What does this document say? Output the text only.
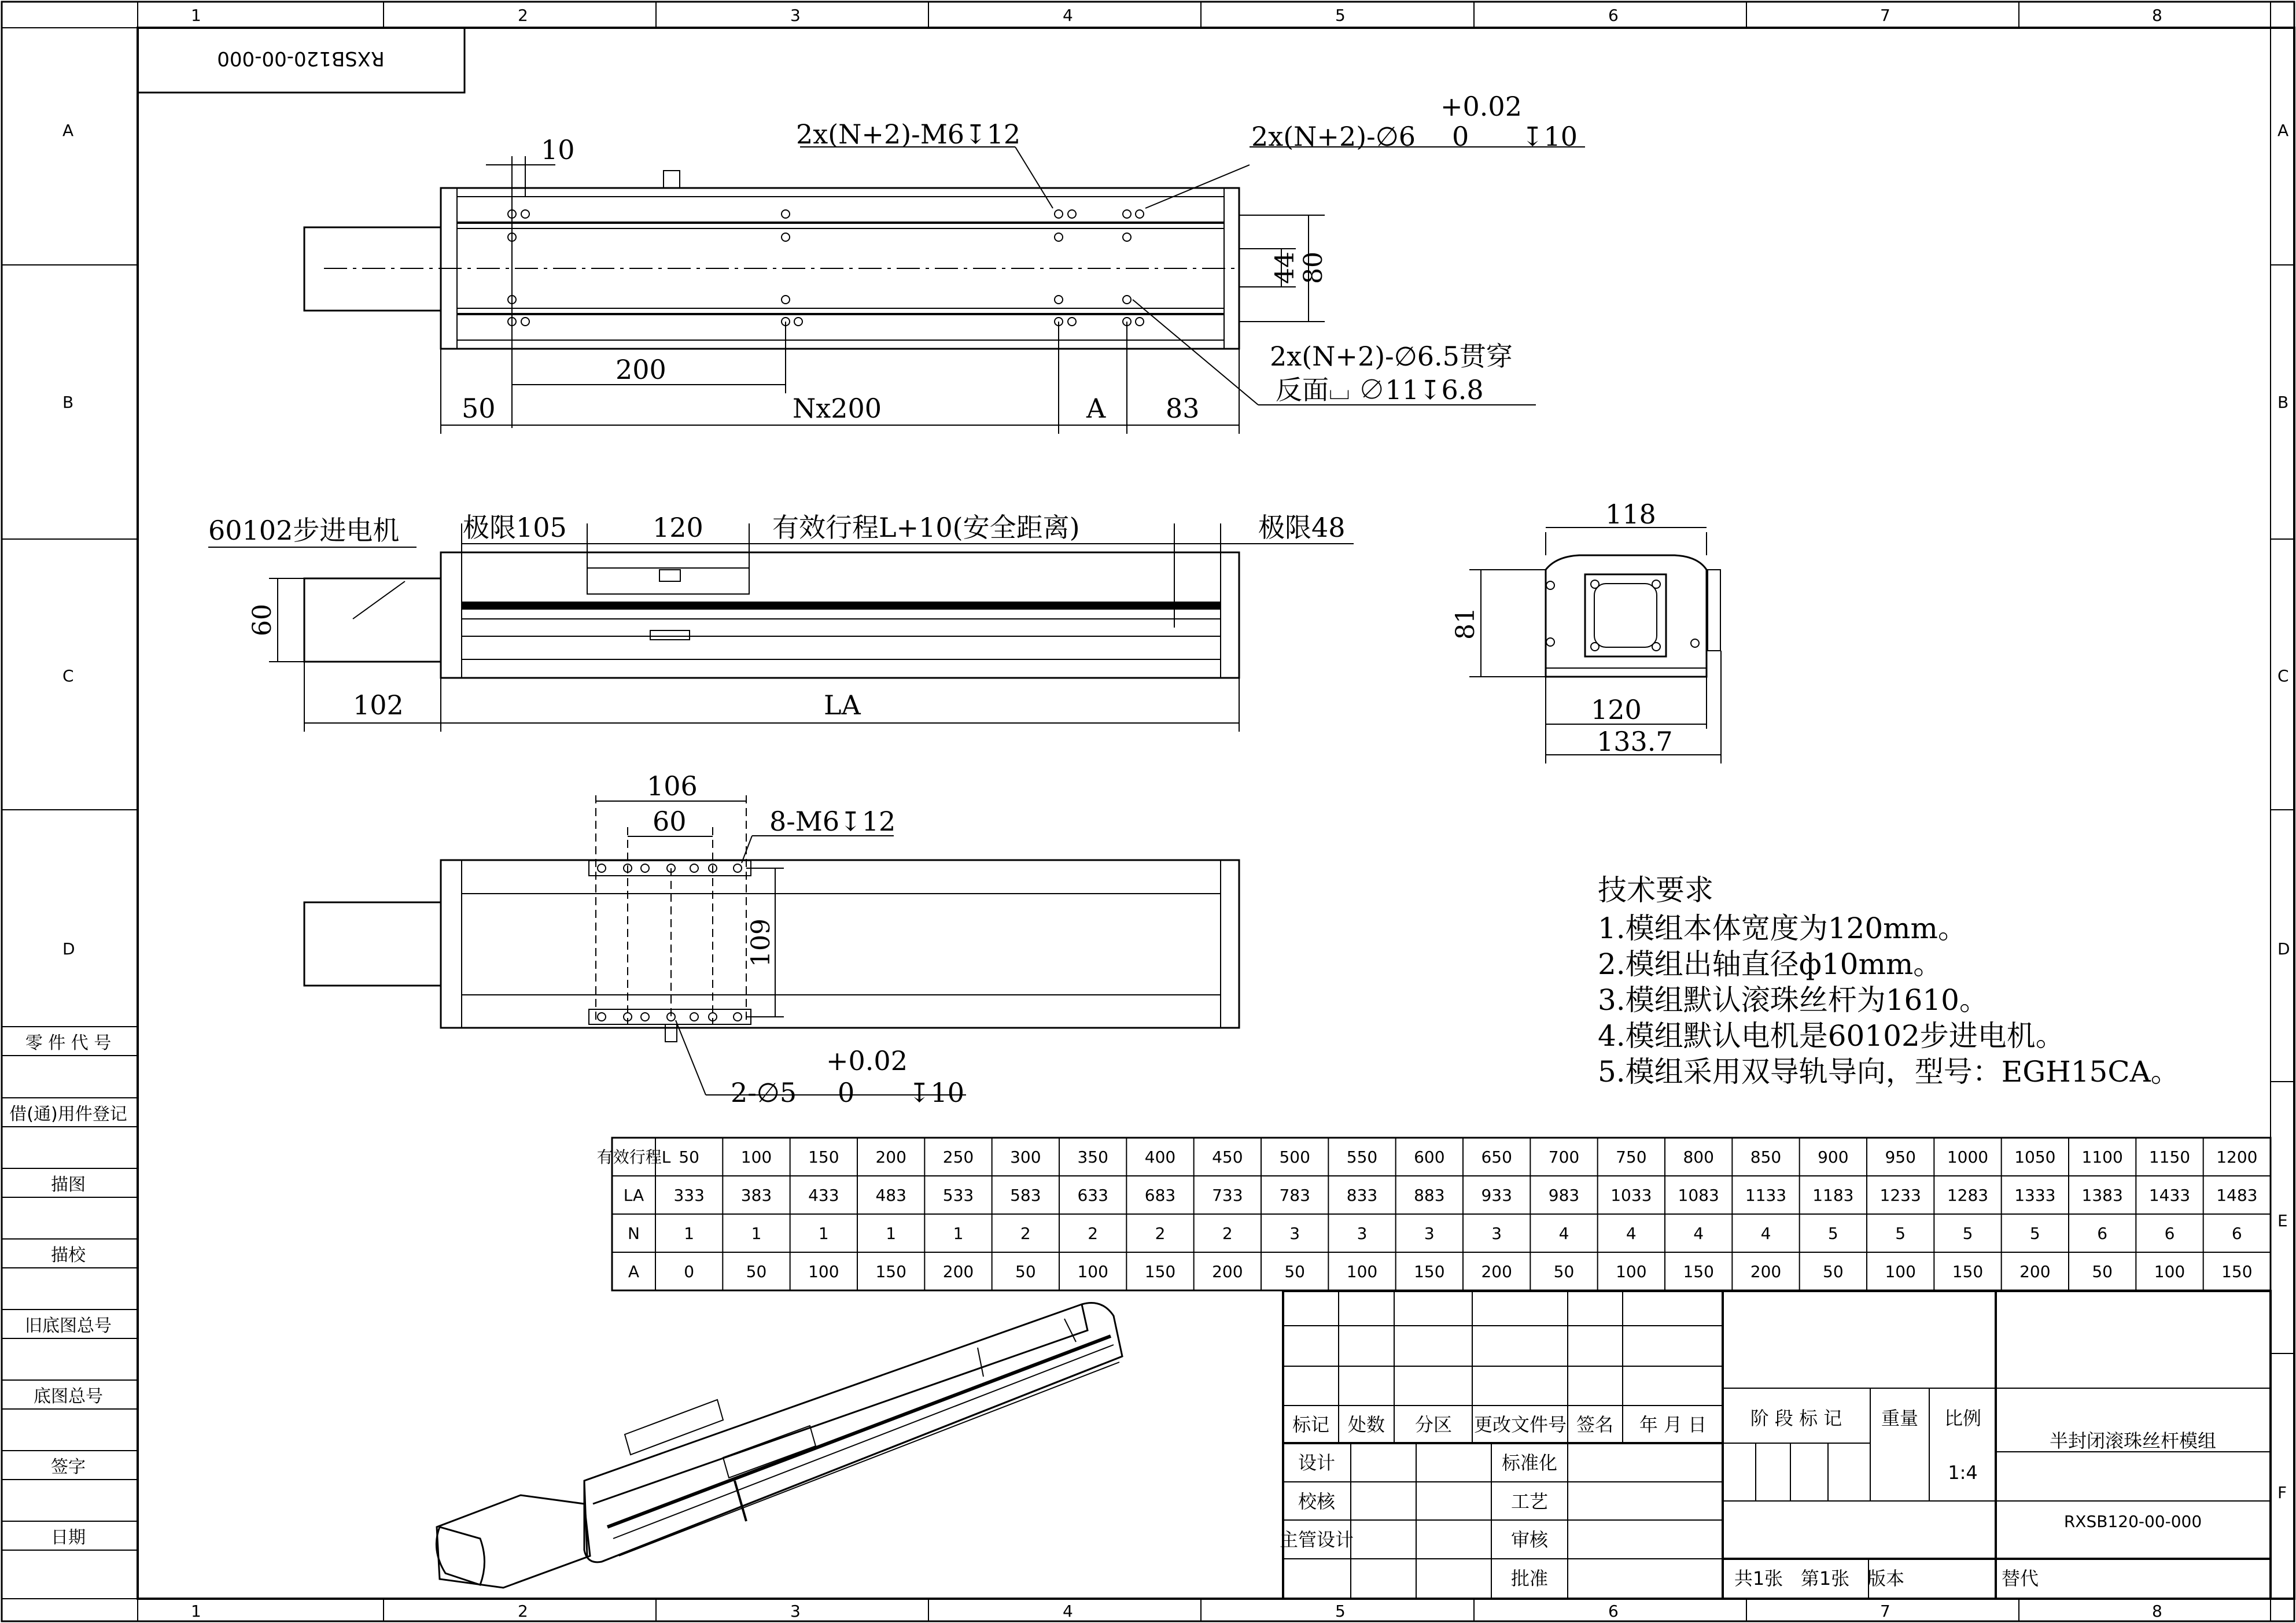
1	2	3	4	5	6	7	8
1	2	3	4	5	6	7	8
A
B
C
D
A
B
C
D
E
F
RXSB120-00-000
10	2x(N+2)-M6↧12
+0.02
0
2x(N+2)-∅6	↧10
44
80
2x(N+2)-∅6.5贯穿
反面⌴ ∅11↧6.8
200
50	Nx200	A 83
60102步进电机 极限105	120	有效行程L+10(安全距离)	极限48
60
102	LA
118
81
120
133.7
106
60	8-M6↧12
109
+0.02
0
2-∅5	↧10
技术要求
1.模组本体宽度为120mm。
2.模组出轴直径ф10mm。
3.模组默认滚珠丝杆为1610。
4.模组默认电机是60102步进电机。
5.模组采用双导轨导向，型号：EGH15CA。
有效行程L 50	100 150 200 250 300 350 400 450 500 550 600 650 700 750 800 850 900 950 1000 1050 1100 1150 1200
LA 333 383 433 483 533 583 633 683 733 783 833 883 933 983 1033 1083 1133 1183 1233 1283 1333 1383 1433 1483
N	1	1	1	1	1	2	2	2	2	3	3	3	3	4	4	4	4	5	5	5	5	6	6	6
A	0	50	100 150 200	50	100 150 200	50	100 150 200	50	100 150 200	50	100 150 200	50	100 150
零 件 代 号
借(通)用件登记
描图
描校
旧底图总号
底图总号
签字
日期
标记 处数 分区 更改文件号 签名 年 月 日
设计
校核
主管设计
标准化
工艺
审核
批准
阶 段 标 记 重量 比例
1:4
半封闭滚珠丝杆模组
RXSB120-00-000
共1张 第1张 版本	替代
